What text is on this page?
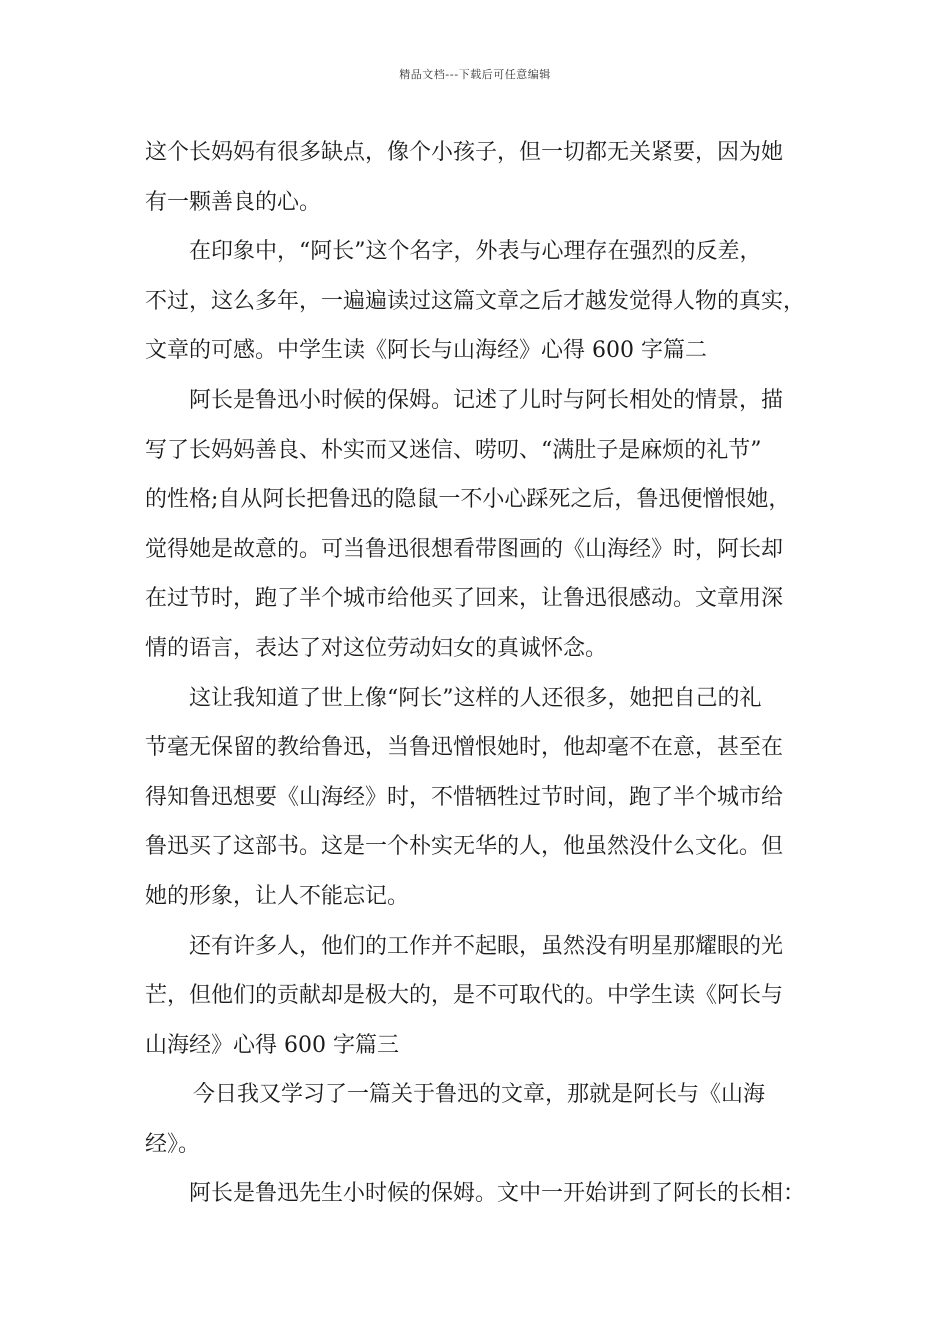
精品文档---下载后可任意编辑
这个长妈妈有很多缺点，像个小孩子，但一切都无关紧要，因为她
有一颗善良的心。
在印象中，“阿长”这个名字，外表与心理存在强烈的反差，
不过，这么多年，一遍遍读过这篇文章之后才越发觉得人物的真实，
文章的可感。中学生读《阿长与山海经》心得 600 字篇二
阿长是鲁迅小时候的保姆。记述了儿时与阿长相处的情景，描
写了长妈妈善良、朴实而又迷信、唠叨、“满肚子是麻烦的礼节”
的性格;自从阿长把鲁迅的隐鼠一不小心踩死之后，鲁迅便憎恨她，
觉得她是故意的。可当鲁迅很想看带图画的《山海经》时，阿长却
在过节时，跑了半个城市给他买了回来，让鲁迅很感动。文章用深
情的语言，表达了对这位劳动妇女的真诚怀念。
这让我知道了世上像“阿长”这样的人还很多，她把自己的礼
节毫无保留的教给鲁迅，当鲁迅憎恨她时，他却毫不在意，甚至在
得知鲁迅想要《山海经》时，不惜牺牲过节时间，跑了半个城市给
鲁迅买了这部书。这是一个朴实无华的人，他虽然没什么文化。但
她的形象，让人不能忘记。
还有许多人，他们的工作并不起眼，虽然没有明星那耀眼的光
芒，但他们的贡献却是极大的，是不可取代的。中学生读《阿长与
山海经》心得 600 字篇三
今日我又学习了一篇关于鲁迅的文章，那就是阿长与《山海
经》。
阿长是鲁迅先生小时候的保姆。文中一开始讲到了阿长的长相：
